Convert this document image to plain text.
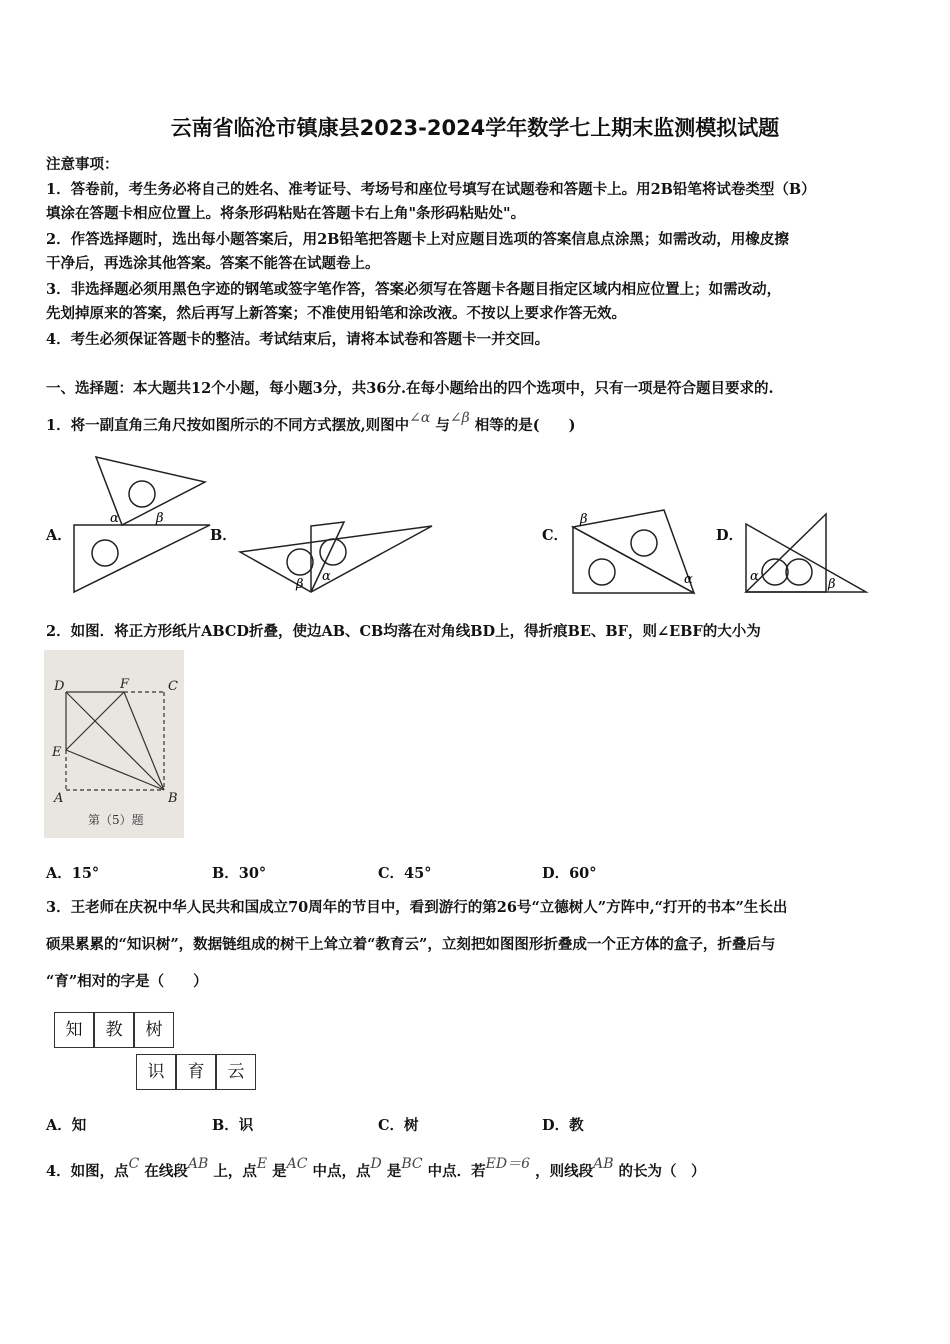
云南省临沧市镇康县2023-2024学年数学七上期末监测模拟试题
注意事项：
1．答卷前，考生务必将自己的姓名、准考证号、考场号和座位号填写在试题卷和答题卡上。用2B铅笔将试卷类型（B）
填涂在答题卡相应位置上。将条形码粘贴在答题卡右上角"条形码粘贴处"。
2．作答选择题时，选出每小题答案后，用2B铅笔把答题卡上对应题目选项的答案信息点涂黑；如需改动，用橡皮擦
干净后，再选涂其他答案。答案不能答在试题卷上。
3．非选择题必须用黑色字迹的钢笔或签字笔作答，答案必须写在答题卡各题目指定区域内相应位置上；如需改动，
先划掉原来的答案，然后再写上新答案；不准使用铅笔和涂改液。不按以上要求作答无效。
4．考生必须保证答题卡的整洁。考试结束后，请将本试卷和答题卡一并交回。
一、选择题：本大题共12个小题，每小题3分，共36分.在每小题给出的四个选项中，只有一项是符合题目要求的.
1．将一副直角三角尺按如图所示的不同方式摆放,则图中∠α 与∠β 相等的是(　　)
A．	B．	C．	D．
α	β
β
α
β
α	α
β
2．如图．将正方形纸片ABCD折叠，使边AB、CB均落在对角线BD上，得折痕BE、BF，则∠EBF的大小为
D	F	C
E
A	B
第（5）题
A．15°	B．30°	C．45°	D．60°
3．王老师在庆祝中华人民共和国成立70周年的节目中，看到游行的第26号“立德树人”方阵中,“打开的书本”生长出
硕果累累的“知识树”，数据链组成的树干上耸立着“教育云”，立刻把如图图形折叠成一个正方体的盒子，折叠后与
“育”相对的字是（　　）
知	教	树
识	育	云
A．知	B．识	C．树	D．教
4．如图，点C 在线段AB 上，点E 是AC 中点，点D 是BC 中点．若ED＝6 ，则线段AB 的长为（　）
